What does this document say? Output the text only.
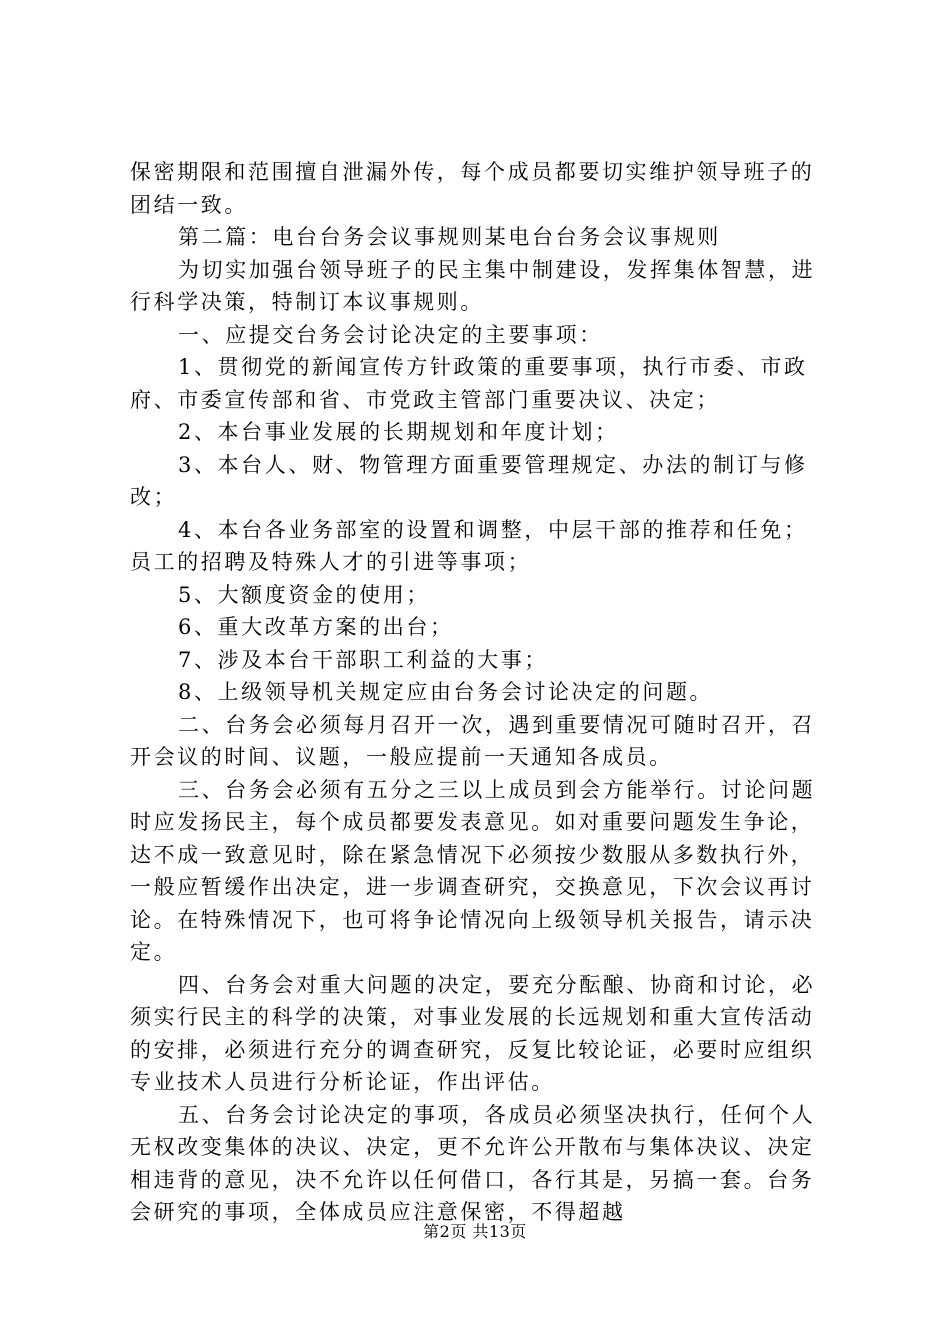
保密期限和范围擅自泄漏外传，每个成员都要切实维护领导班子的团结一致。

第二篇：电台台务会议事规则某电台台务会议事规则

为切实加强台领导班子的民主集中制建设，发挥集体智慧，进行科学决策，特制订本议事规则。

一、应提交台务会讨论决定的主要事项：

1、贯彻党的新闻宣传方针政策的重要事项，执行市委、市政府、市委宣传部和省、市党政主管部门重要决议、决定；

2、本台事业发展的长期规划和年度计划；

3、本台人、财、物管理方面重要管理规定、办法的制订与修改；

4、本台各业务部室的设置和调整，中层干部的推荐和任免；员工的招聘及特殊人才的引进等事项；

5、大额度资金的使用；

6、重大改革方案的出台；

7、涉及本台干部职工利益的大事；

8、上级领导机关规定应由台务会讨论决定的问题。

二、台务会必须每月召开一次，遇到重要情况可随时召开，召开会议的时间、议题，一般应提前一天通知各成员。

三、台务会必须有五分之三以上成员到会方能举行。讨论问题时应发扬民主，每个成员都要发表意见。如对重要问题发生争论，达不成一致意见时，除在紧急情况下必须按少数服从多数执行外，一般应暂缓作出决定，进一步调查研究，交换意见，下次会议再讨论。在特殊情况下，也可将争论情况向上级领导机关报告，请示决定。

四、台务会对重大问题的决定，要充分酝酿、协商和讨论，必须实行民主的科学的决策，对事业发展的长远规划和重大宣传活动的安排，必须进行充分的调查研究，反复比较论证，必要时应组织专业技术人员进行分析论证，作出评估。

五、台务会讨论决定的事项，各成员必须坚决执行，任何个人无权改变集体的决议、决定，更不允许公开散布与集体决议、决定相违背的意见，决不允许以任何借口，各行其是，另搞一套。台务会研究的事项，全体成员应注意保密，不得超越

第2页 共13页
